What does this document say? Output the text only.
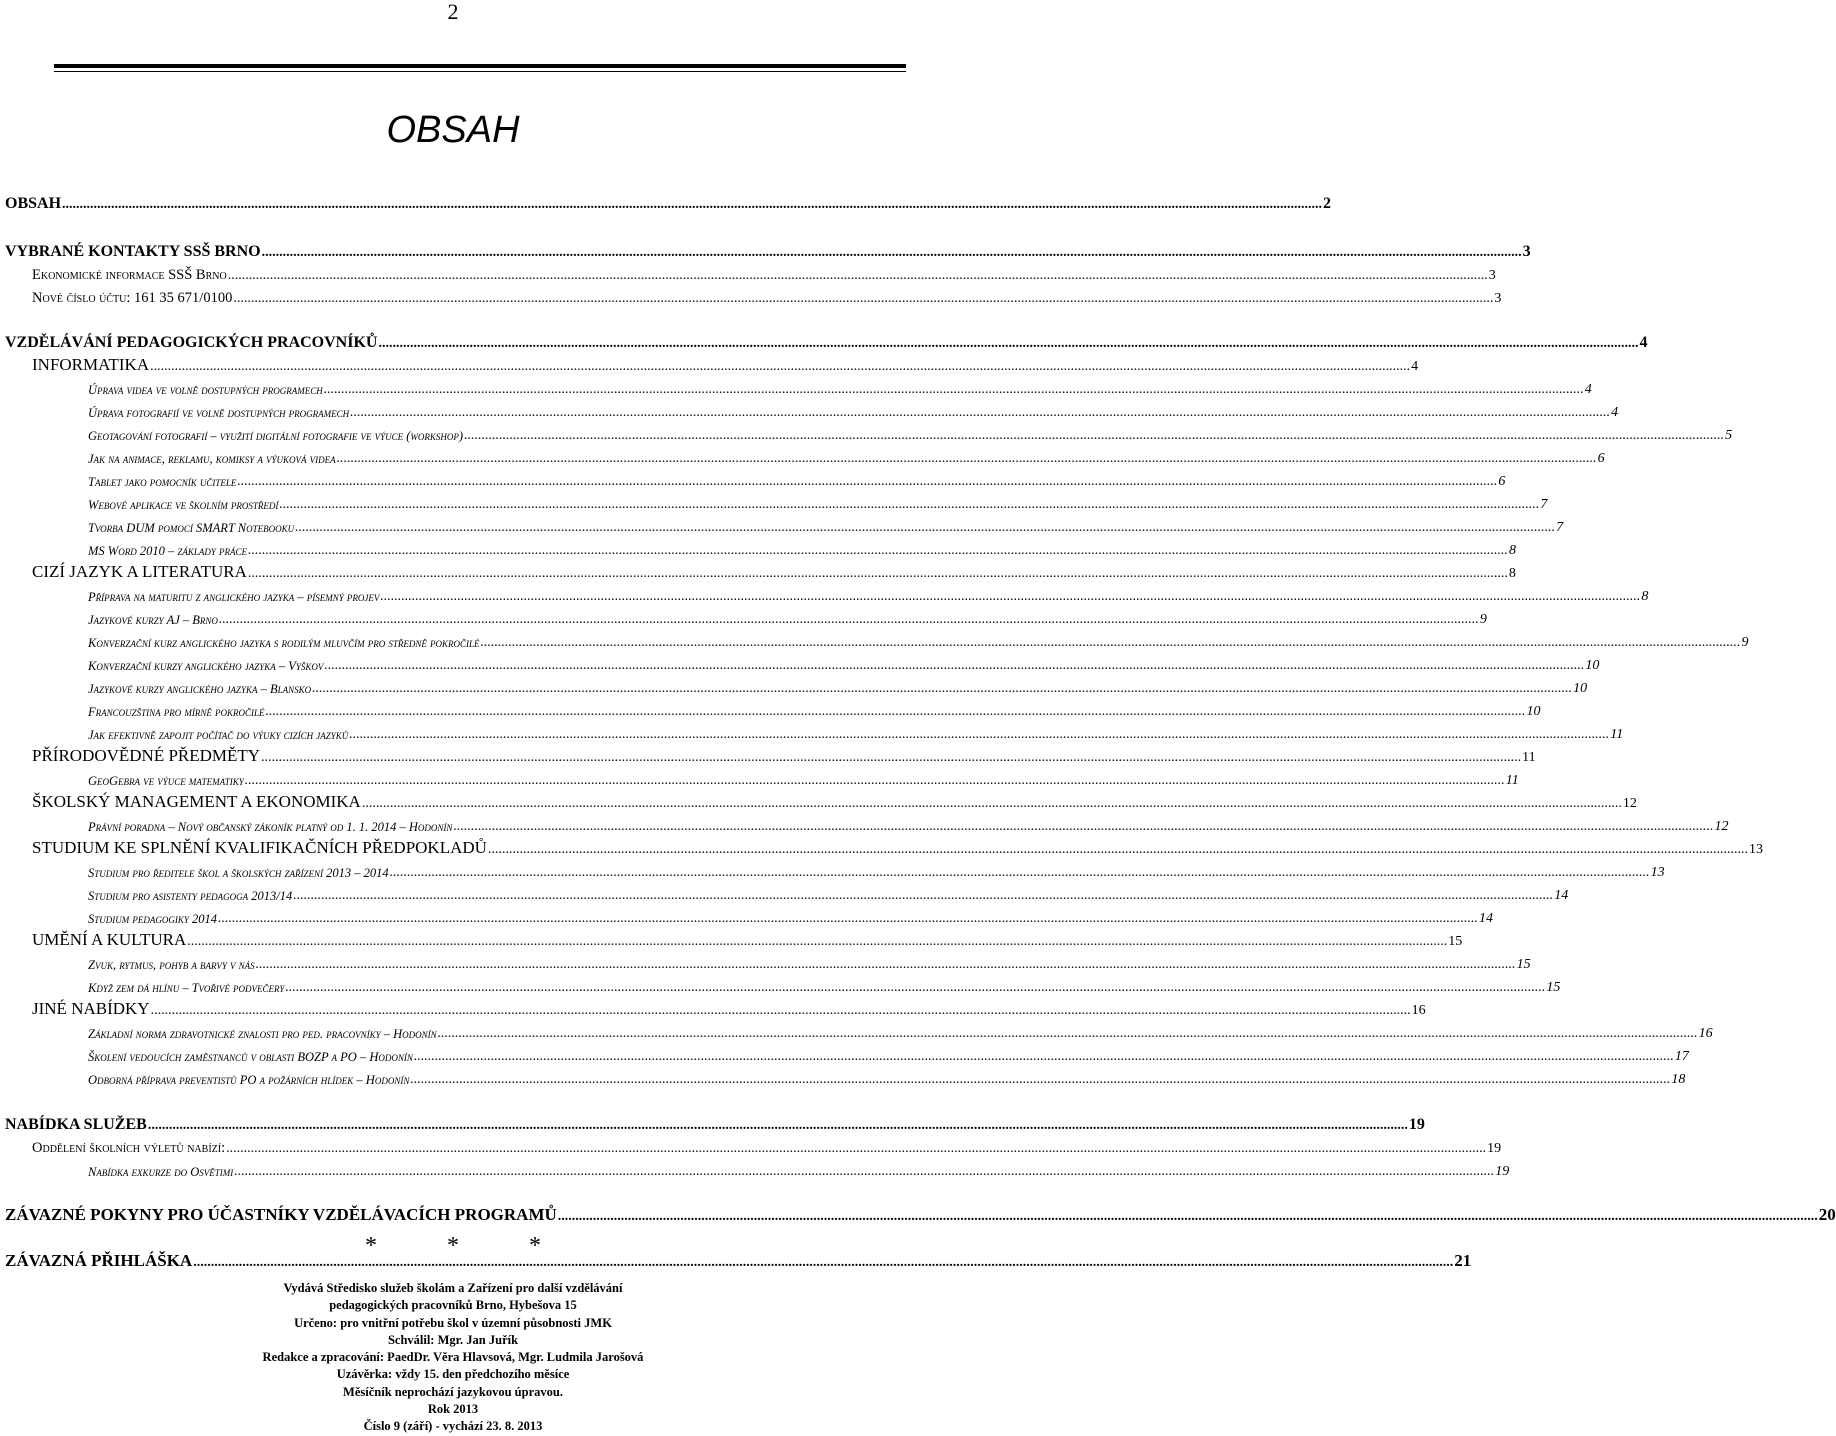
2
OBSAH
OBSAH .....	2
VYBRANÉ KONTAKTY SSŠ BRNO .....	3
Ekonomické informace SSŠ Brno .....	3
Nové číslo účtu: 161 35 671/0100 .....	3
VZDĚLÁVÁNÍ PEDAGOGICKÝCH PRACOVNÍKŮ .....	4
INFORMATIKA .....	4
Úprava videa ve volně dostupných programech .....	4
Úprava fotografií ve volně dostupných programech .....	4
Geotagování fotografií – využití digitální fotografie ve výuce (workshop) .....	5
Jak na animace, reklamu, komiksy a výuková videa .....	6
Tablet jako pomocník učitele .....	6
Webové aplikace ve školním prostředí .....	7
Tvorba DUM pomocí SMART Notebooku .....	7
MS Word 2010 – základy práce .....	8
CIZÍ JAZYK A LITERATURA .....	8
Příprava na maturitu z anglického jazyka – písemný projev .....	8
Jazykové kurzy AJ – Brno .....	9
Konverzační kurz anglického jazyka s rodilým mluvčím pro středně pokročilé .....	9
Konverzační kurzy anglického jazyka – Vyškov .....	10
Jazykové kurzy anglického jazyka – Blansko .....	10
Francouzština pro mírně pokročilé .....	10
Jak efektivně zapojit počítač do výuky cizích jazyků .....	11
PŘÍRODOVĚDNÉ PŘEDMĚTY .....	11
GeoGebra ve výuce matematiky .....	11
ŠKOLSKÝ MANAGEMENT A EKONOMIKA .....	12
Právní poradna – Nový občanský zákoník platný od 1. 1. 2014 – Hodonín .....	12
STUDIUM KE SPLNĚNÍ KVALIFIKAČNÍCH PŘEDPOKLADŮ .....	13
Studium pro ředitele škol a školských zařízení 2013 – 2014 .....	13
Studium pro asistenty pedagoga 2013/14 .....	14
Studium pedagogiky 2014 .....	14
UMĚNÍ A KULTURA .....	15
Zvuk, rytmus, pohyb a barvy v nás .....	15
Když zem dá hlínu – Tvořivé podvečery .....	15
JINÉ NABÍDKY .....	16
Základní norma zdravotnické znalosti pro ped. pracovníky – Hodonín .....	16
Školení vedoucích zaměstnanců v oblasti BOZP a PO – Hodonín .....	17
Odborná příprava preventistů PO a požárních hlídek – Hodonín .....	18
NABÍDKA SLUŽEB .....	19
Oddělení školních výletů nabízí: .....	19
Nabídka exkurze do Osvětimi .....	19
ZÁVAZNÉ POKYNY PRO ÚČASTNÍKY VZDĚLÁVACÍCH PROGRAMŮ .....	20
ZÁVAZNÁ PŘIHLÁŠKA .....	21
*	*	*
Vydává Středisko služeb školám a Zařízení pro další vzdělávání
pedagogických pracovníků Brno, Hybešova 15
Určeno: pro vnitřní potřebu škol v územní působnosti JMK
Schválil: Mgr. Jan Juřík
Redakce a zpracování: PaedDr. Věra Hlavsová, Mgr. Ludmila Jarošová
Uzávěrka: vždy 15. den předchozího měsíce
Měsíčník neprochází jazykovou úpravou.
Rok 2013
Číslo 9 (září) - vychází 23. 8. 2013
